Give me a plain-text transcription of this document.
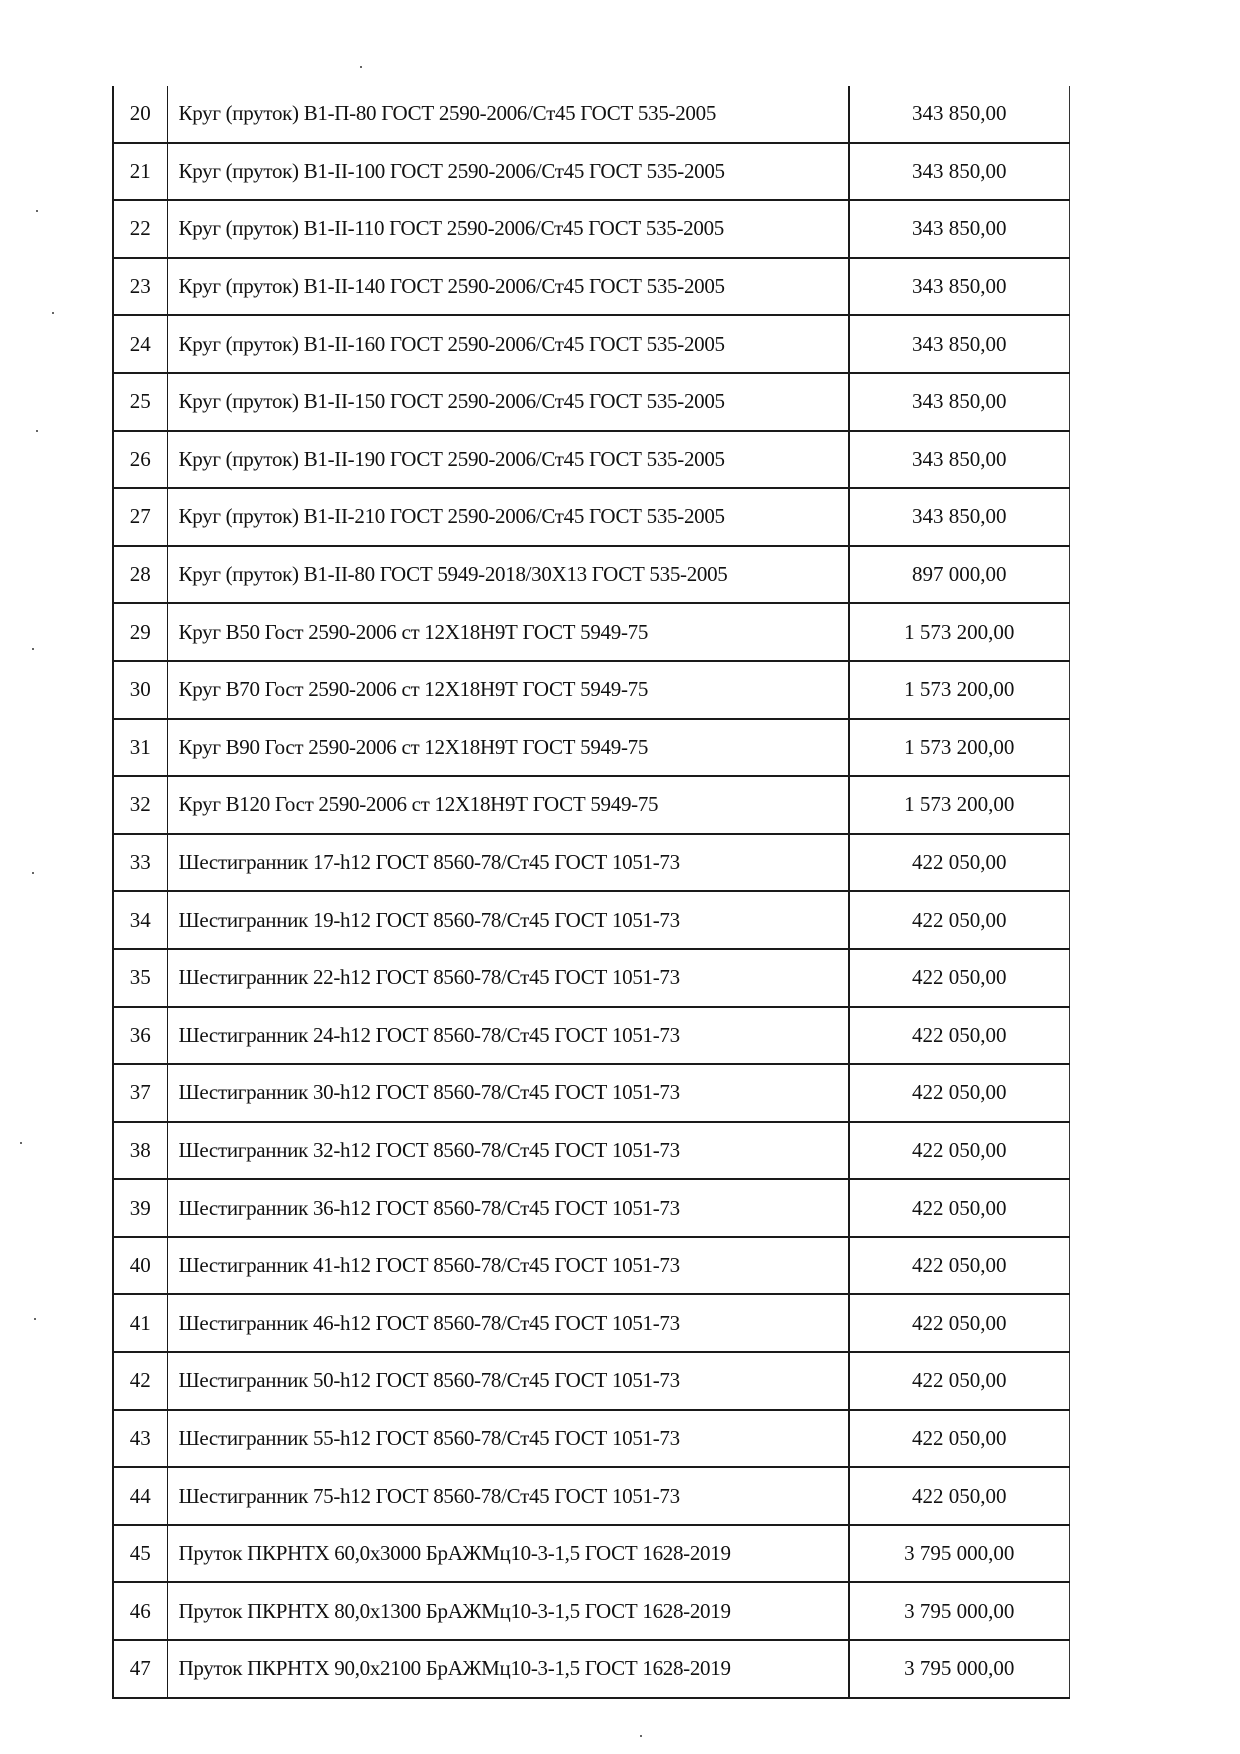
20	Круг (пруток) В1-П-80 ГОСТ 2590-2006/Ст45 ГОСТ 535-2005	343 850,00
21	Круг (пруток) В1-II-100 ГОСТ 2590-2006/Ст45 ГОСТ 535-2005	343 850,00
22	Круг (пруток) В1-II-110 ГОСТ 2590-2006/Ст45 ГОСТ 535-2005	343 850,00
23	Круг (пруток) В1-II-140 ГОСТ 2590-2006/Ст45 ГОСТ 535-2005	343 850,00
24	Круг (пруток) В1-II-160 ГОСТ 2590-2006/Ст45 ГОСТ 535-2005	343 850,00
25	Круг (пруток) В1-II-150 ГОСТ 2590-2006/Ст45 ГОСТ 535-2005	343 850,00
26	Круг (пруток) В1-II-190 ГОСТ 2590-2006/Ст45 ГОСТ 535-2005	343 850,00
27	Круг (пруток) В1-II-210 ГОСТ 2590-2006/Ст45 ГОСТ 535-2005	343 850,00
28	Круг (пруток) В1-II-80 ГОСТ 5949-2018/30Х13 ГОСТ 535-2005	897 000,00
29	Круг В50 Гост 2590-2006 ст 12Х18Н9Т ГОСТ 5949-75	1 573 200,00
30	Круг В70 Гост 2590-2006 ст 12Х18Н9Т ГОСТ 5949-75	1 573 200,00
31	Круг В90 Гост 2590-2006 ст 12Х18Н9Т ГОСТ 5949-75	1 573 200,00
32	Круг В120 Гост 2590-2006 ст 12Х18Н9Т ГОСТ 5949-75	1 573 200,00
33	Шестигранник 17-h12 ГОСТ 8560-78/Ст45 ГОСТ 1051-73	422 050,00
34	Шестигранник 19-h12 ГОСТ 8560-78/Ст45 ГОСТ 1051-73	422 050,00
35	Шестигранник 22-h12 ГОСТ 8560-78/Ст45 ГОСТ 1051-73	422 050,00
36	Шестигранник 24-h12 ГОСТ 8560-78/Ст45 ГОСТ 1051-73	422 050,00
37	Шестигранник 30-h12 ГОСТ 8560-78/Ст45 ГОСТ 1051-73	422 050,00
38	Шестигранник 32-h12 ГОСТ 8560-78/Ст45 ГОСТ 1051-73	422 050,00
39	Шестигранник 36-h12 ГОСТ 8560-78/Ст45 ГОСТ 1051-73	422 050,00
40	Шестигранник 41-h12 ГОСТ 8560-78/Ст45 ГОСТ 1051-73	422 050,00
41	Шестигранник 46-h12 ГОСТ 8560-78/Ст45 ГОСТ 1051-73	422 050,00
42	Шестигранник 50-h12 ГОСТ 8560-78/Ст45 ГОСТ 1051-73	422 050,00
43	Шестигранник 55-h12 ГОСТ 8560-78/Ст45 ГОСТ 1051-73	422 050,00
44	Шестигранник 75-h12 ГОСТ 8560-78/Ст45 ГОСТ 1051-73	422 050,00
45	Пруток ПКРНТХ 60,0х3000 БрАЖМц10-3-1,5 ГОСТ 1628-2019	3 795 000,00
46	Пруток ПКРНТХ 80,0х1300 БрАЖМц10-3-1,5 ГОСТ 1628-2019	3 795 000,00
47	Пруток ПКРНТХ 90,0х2100 БрАЖМц10-3-1,5 ГОСТ 1628-2019	3 795 000,00
